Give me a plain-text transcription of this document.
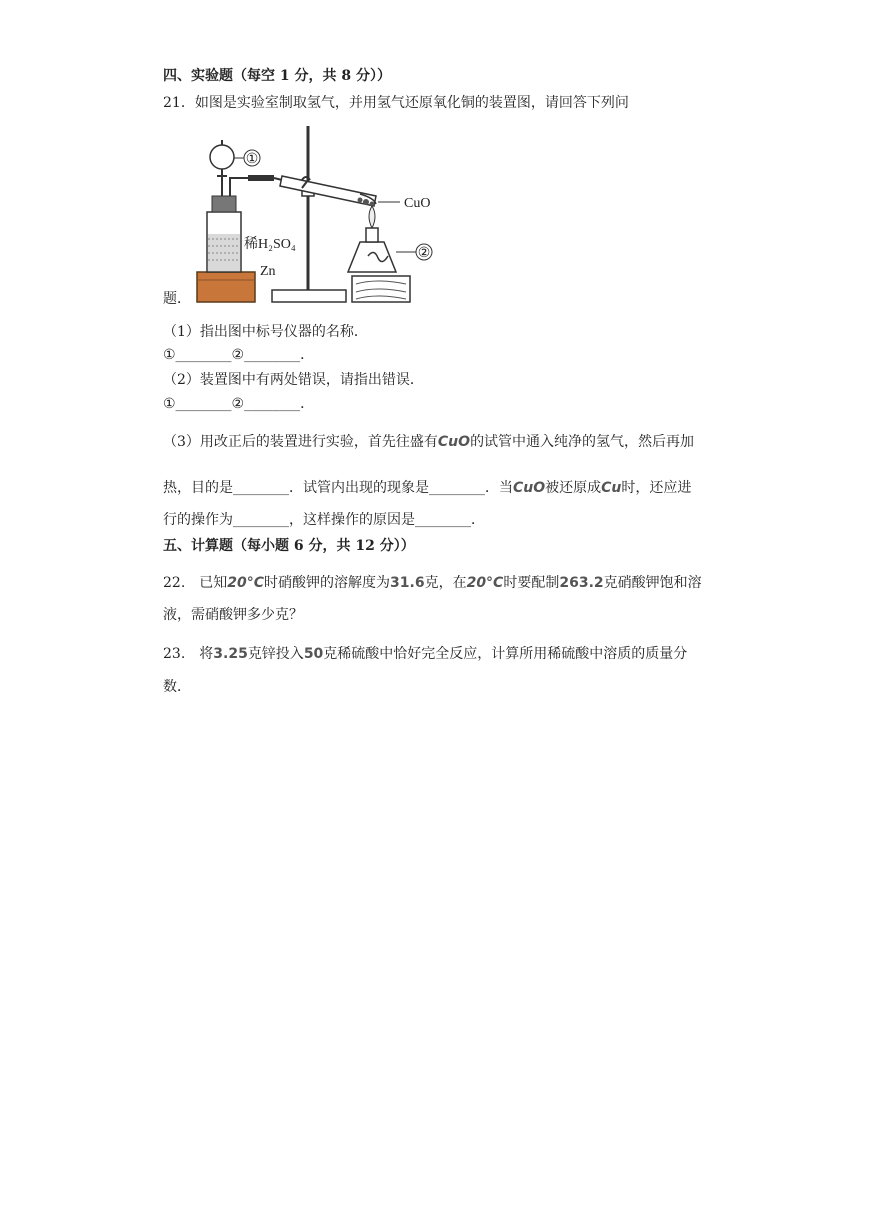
四、实验题（每空 1 分，共 8 分））
21．如图是实验室制取氢气，并用氢气还原氧化铜的装置图，请回答下列问
①
CuO
②
稀H₂SO₄
Zn
题．
（1）指出图中标号仪器的名称．
①________②________．
（2）装置图中有两处错误，请指出错误．
①________②________．
（3）用改正后的装置进行实验，首先往盛有CuO的试管中通入纯净的氢气，然后再加
热，目的是________．试管内出现的现象是________．当CuO被还原成Cu时，还应进
行的操作为________，这样操作的原因是________．
五、计算题（每小题 6 分，共 12 分））
22.　已知20°C时硝酸钾的溶解度为31.6克，在20°C时要配制263.2克硝酸钾饱和溶
液，需硝酸钾多少克？
23.　将3.25克锌投入50克稀硫酸中恰好完全反应，计算所用稀硫酸中溶质的质量分
数．
